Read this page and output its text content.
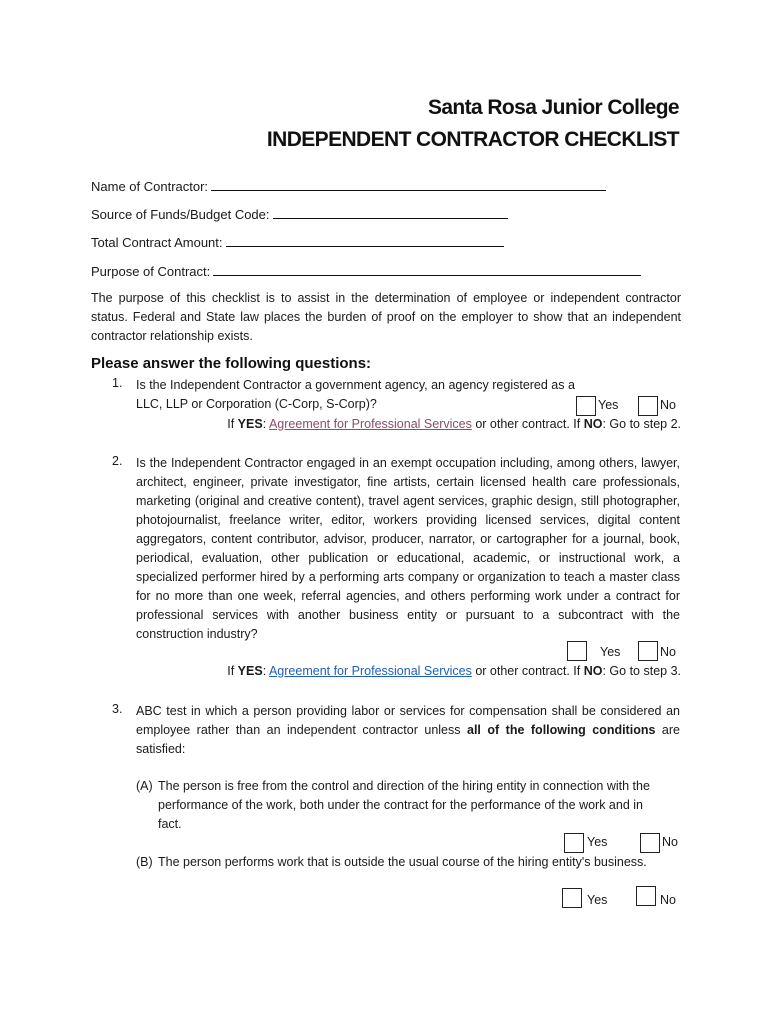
Santa Rosa Junior College
INDEPENDENT CONTRACTOR CHECKLIST
Name of Contractor:
Source of Funds/Budget Code:
Total Contract Amount:
Purpose of Contract:
The purpose of this checklist is to assist in the determination of employee or independent contractor status. Federal and State law places the burden of proof on the employer to show that an independent contractor relationship exists.
Please answer the following questions:
1. Is the Independent Contractor a government agency, an agency registered as a LLC, LLP or Corporation (C-Corp, S-Corp)?	Yes	No
If YES: Agreement for Professional Services or other contract. If NO: Go to step 2.
2. Is the Independent Contractor engaged in an exempt occupation including, among others, lawyer, architect, engineer, private investigator, fine artists, certain licensed health care professionals, marketing (original and creative content), travel agent services, graphic design, still photographer, photojournalist, freelance writer, editor, workers providing licensed services, digital content aggregators, content contributor, advisor, producer, narrator, or cartographer for a journal, book, periodical, evaluation, other publication or educational, academic, or instructional work, a specialized performer hired by a performing arts company or organization to teach a master class for no more than one week, referral agencies, and others performing work under a contract for professional services with another business entity or pursuant to a subcontract with the construction industry?
Yes	No
If YES: Agreement for Professional Services or other contract. If NO: Go to step 3.
3. ABC test in which a person providing labor or services for compensation shall be considered an employee rather than an independent contractor unless all of the following conditions are satisfied:
(A) The person is free from the control and direction of the hiring entity in connection with the performance of the work, both under the contract for the performance of the work and in fact.
Yes	No
(B) The person performs work that is outside the usual course of the hiring entity's business.
Yes	No
